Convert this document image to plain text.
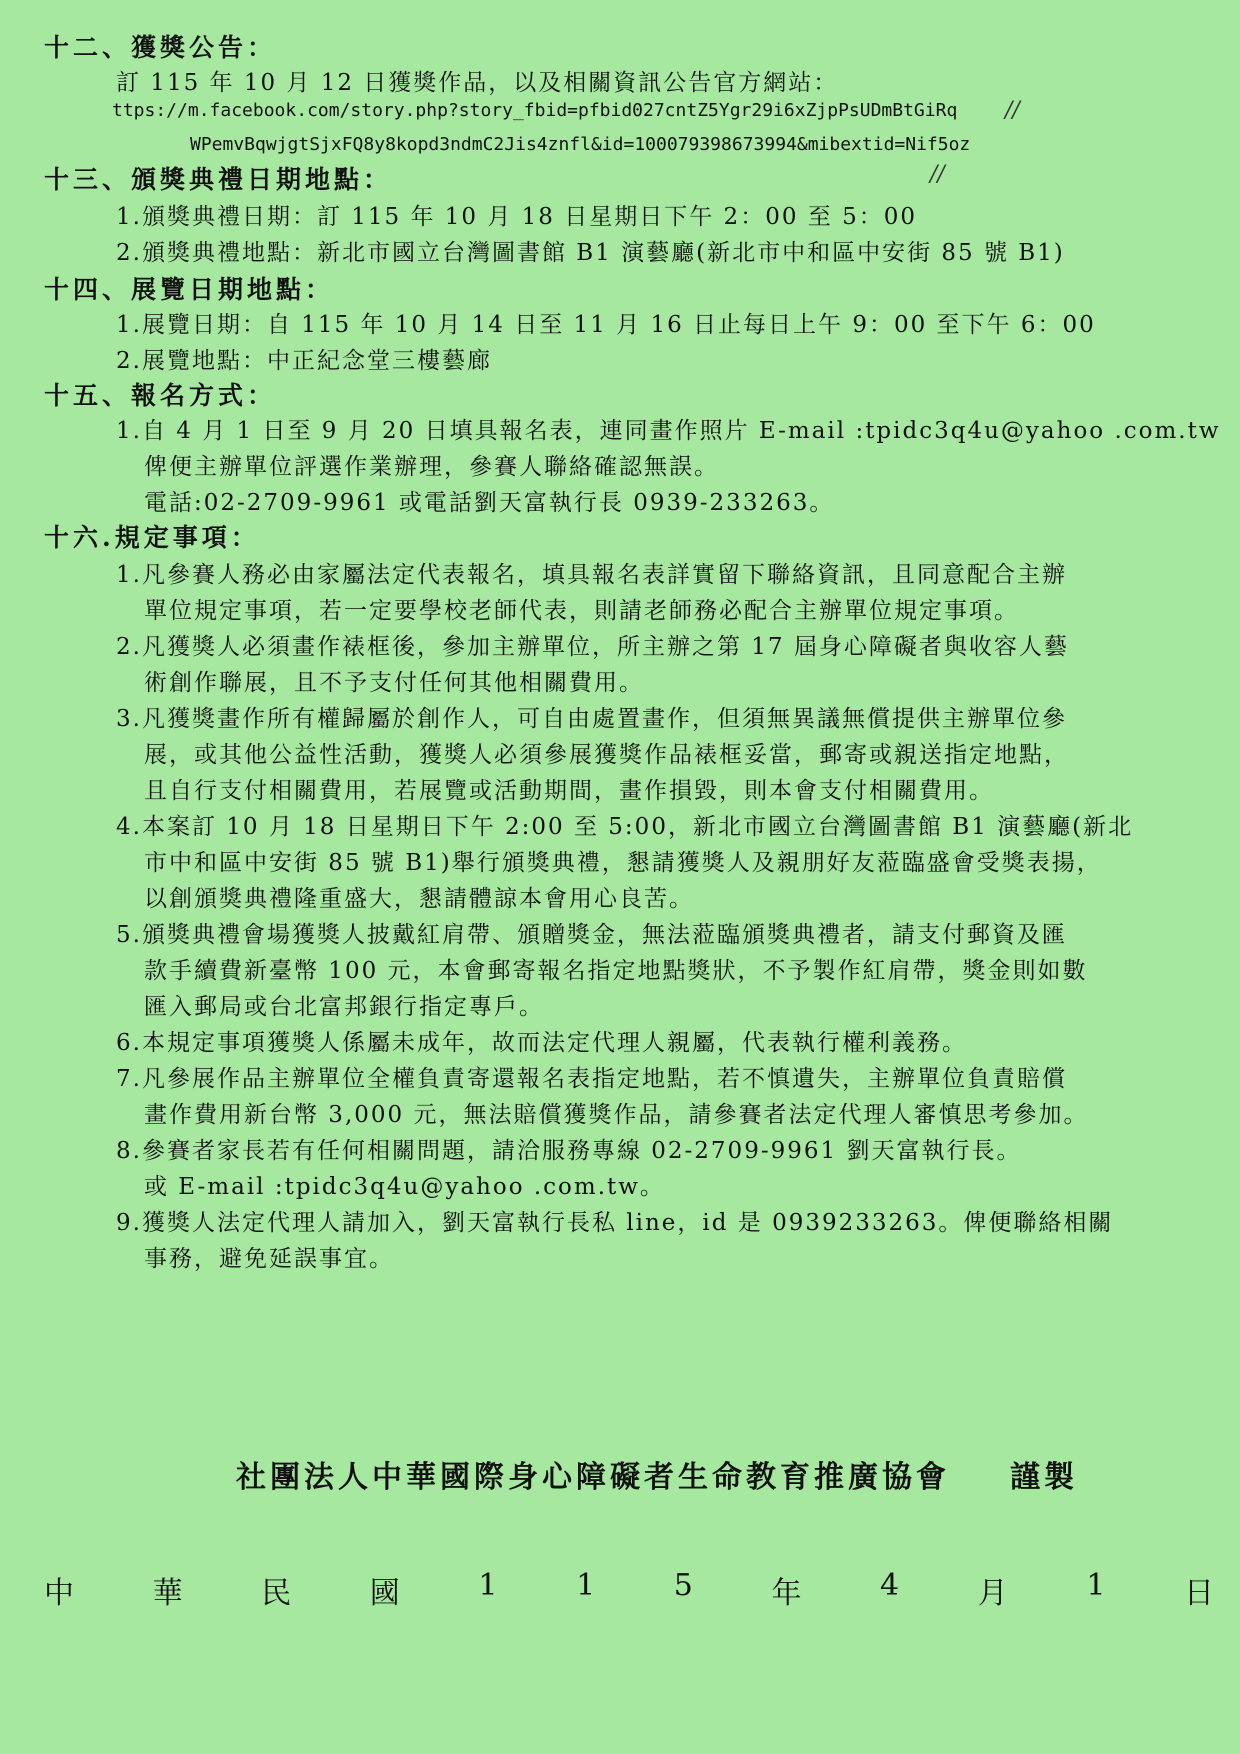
十二、獲獎公告：
訂 115 年 10 月 12 日獲獎作品，以及相關資訊公告官方網站：
ttps://m.facebook.com/story.php?story_fbid=pfbid027cntZ5Ygr29i6xZjpPsUDmBtGiRq
WPemvBqwjgtSjxFQ8y8kopd3ndmC2Jis4znfl&id=100079398673994&mibextid=Nif5oz
//
//
十三、頒獎典禮日期地點：
1.頒獎典禮日期：訂 115 年 10 月 18 日星期日下午 2：00 至 5：00
2.頒獎典禮地點：新北市國立台灣圖書館 B1 演藝廳(新北市中和區中安街 85 號 B1)
十四、展覽日期地點：
1.展覽日期：自 115 年 10 月 14 日至 11 月 16 日止每日上午 9：00 至下午 6：00
2.展覽地點：中正紀念堂三樓藝廊
十五、報名方式：
1.自 4 月 1 日至 9 月 20 日填具報名表，連同畫作照片 E-mail :tpidc3q4u@yahoo .com.tw
俾便主辦單位評選作業辦理，參賽人聯絡確認無誤。
電話:02-2709-9961 或電話劉天富執行長 0939-233263。
十六.規定事項：
1.凡參賽人務必由家屬法定代表報名，填具報名表詳實留下聯絡資訊，且同意配合主辦
單位規定事項，若一定要學校老師代表，則請老師務必配合主辦單位規定事項。
2.凡獲獎人必須畫作裱框後，參加主辦單位，所主辦之第 17 屆身心障礙者與收容人藝
術創作聯展，且不予支付任何其他相關費用。
3.凡獲獎畫作所有權歸屬於創作人，可自由處置畫作，但須無異議無償提供主辦單位參
展，或其他公益性活動，獲獎人必須參展獲獎作品裱框妥當，郵寄或親送指定地點，
且自行支付相關費用，若展覽或活動期間，畫作損毀，則本會支付相關費用。
4.本案訂 10 月 18 日星期日下午 2:00 至 5:00，新北市國立台灣圖書館 B1 演藝廳(新北
市中和區中安街 85 號 B1)舉行頒獎典禮，懇請獲獎人及親朋好友蒞臨盛會受獎表揚，
以創頒獎典禮隆重盛大，懇請體諒本會用心良苦。
5.頒獎典禮會場獲獎人披戴紅肩帶、頒贈獎金，無法蒞臨頒獎典禮者，請支付郵資及匯
款手續費新臺幣 100 元，本會郵寄報名指定地點獎狀，不予製作紅肩帶，獎金則如數
匯入郵局或台北富邦銀行指定專戶。
6.本規定事項獲獎人係屬未成年，故而法定代理人親屬，代表執行權利義務。
7.凡參展作品主辦單位全權負責寄還報名表指定地點，若不慎遺失，主辦單位負責賠償
畫作費用新台幣 3,000 元，無法賠償獲獎作品，請參賽者法定代理人審慎思考參加。
8.參賽者家長若有任何相關問題，請洽服務專線 02-2709-9961 劉天富執行長。
或 E-mail :tpidc3q4u@yahoo .com.tw。
9.獲獎人法定代理人請加入，劉天富執行長私 line，id 是 0939233263。俾便聯絡相關
事務，避免延誤事宜。
社團法人中華國際身心障礙者生命教育推廣協會 謹製
中	華	民	國	1	1	5	年	4	月	1	日
